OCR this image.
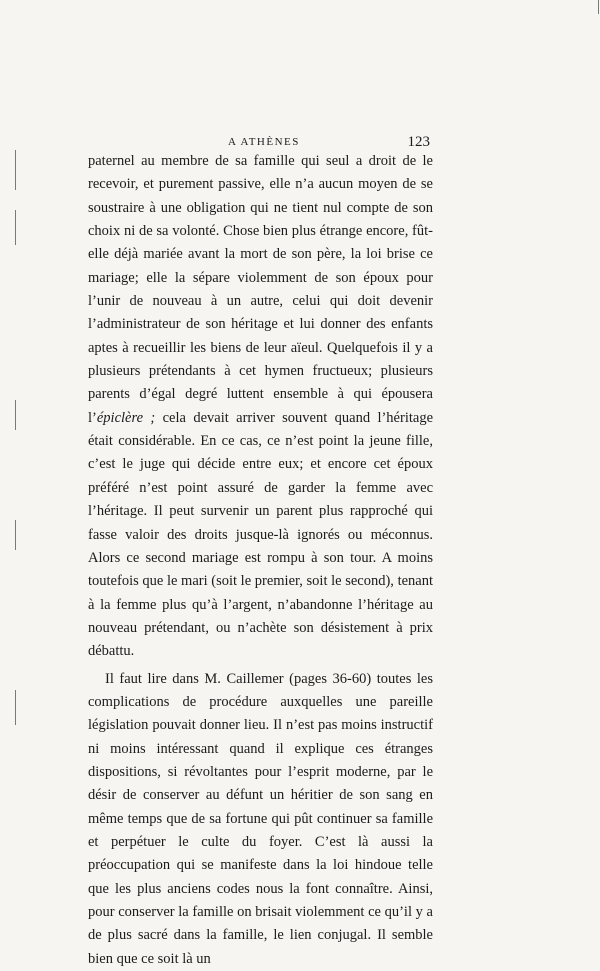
A ATHÈNES	123

paternel au membre de sa famille qui seul a droit de le recevoir, et purement passive, elle n’a aucun moyen de se soustraire à une obligation qui ne tient nul compte de son choix ni de sa volonté. Chose bien plus étrange encore, fût-elle déjà mariée avant la mort de son père, la loi brise ce mariage; elle la sépare violemment de son époux pour l’unir de nouveau à un autre, celui qui doit devenir l’administrateur de son héritage et lui donner des enfants aptes à recueillir les biens de leur aïeul. Quelquefois il y a plusieurs prétendants à cet hymen fructueux; plusieurs parents d’égal degré luttent ensemble à qui épousera l’épiclère ; cela devait arriver souvent quand l’héritage était considérable. En ce cas, ce n’est point la jeune fille, c’est le juge qui décide entre eux; et encore cet époux préféré n’est point assuré de garder la femme avec l’héritage. Il peut survenir un parent plus rapproché qui fasse valoir des droits jusque-là ignorés ou méconnus. Alors ce second mariage est rompu à son tour. A moins toutefois que le mari (soit le premier, soit le second), tenant à la femme plus qu’à l’argent, n’abandonne l’héritage au nouveau prétendant, ou n’achète son désistement à prix débattu.

Il faut lire dans M. Caillemer (pages 36-60) toutes les complications de procédure auxquelles une pareille législation pouvait donner lieu. Il n’est pas moins instructif ni moins intéressant quand il explique ces étranges dispositions, si révoltantes pour l’esprit moderne, par le désir de conserver au défunt un héritier de son sang en même temps que de sa fortune qui pût continuer sa famille et perpétuer le culte du foyer. C’est là aussi la préoccupation qui se manifeste dans la loi hindoue telle que les plus anciens codes nous la font connaître. Ainsi, pour conserver la famille on brisait violemment ce qu’il y a de plus sacré dans la famille, le lien conjugal. Il semble bien que ce soit là un
